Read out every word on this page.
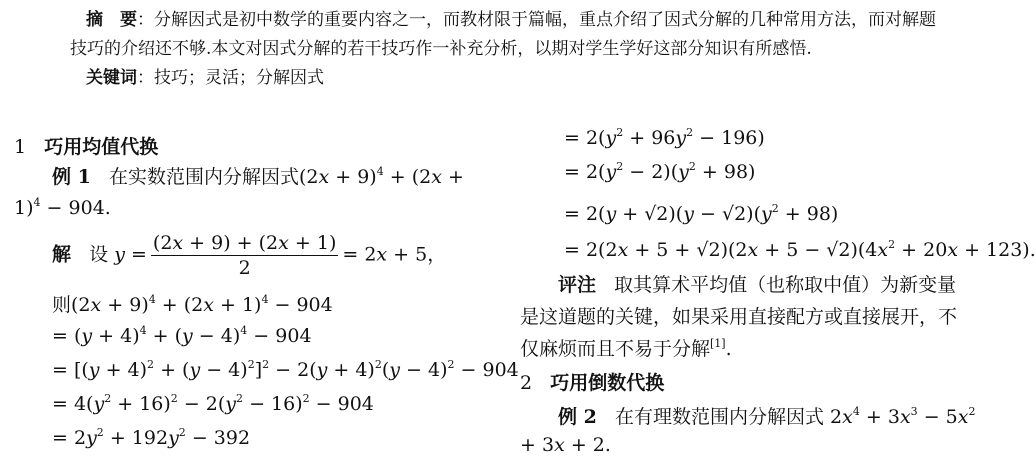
摘　要：分解因式是初中数学的重要内容之一，而教材限于篇幅，重点介绍了因式分解的几种常用方法，而对解题
技巧的介绍还不够.本文对因式分解的若干技巧作一补充分析，以期对学生学好这部分知识有所感悟.
关键词：技巧；灵活；分解因式
1 巧用均值代换
例 1 在实数范围内分解因式$(2x + 9)^4 + (2x$ +
1)$^4$ − 904.
解 设 $y = \frac{(2x + 9) + (2x + 1)}{2} = 2x + 5$，
则$(2x + 9)^4 + (2x + 1)^4 - 904$
= $(y + 4)^4 + (y - 4)^4 - 904$
= $[(y + 4)^2 + (y - 4)^2]^2 - 2(y + 4)^2(y - 4)^2 - 904$
= $4(y^2 + 16)^2 - 2(y^2 - 16)^2 - 904$
= $2y^2 + 192y^2 - 392$
= $2(y^2 + 96y^2 - 196)$
= $2(y^2 - 2)(y^2 + 98)$
= $2(y + √2)(y - √2)(y^2 + 98)$
= $2(2x + 5 + √2)(2x + 5 - √2)(4x^2 + 20x + 123)$.
评注 取其算术平均值（也称取中值）为新变量
是这道题的关键，如果采用直接配方或直接展开，不
仅麻烦而且不易于分解[1].
2 巧用倒数代换
例 2 在有理数范围内分解因式 $2x^4 + 3x^3 - 5x^2$
+ 3x + 2.
